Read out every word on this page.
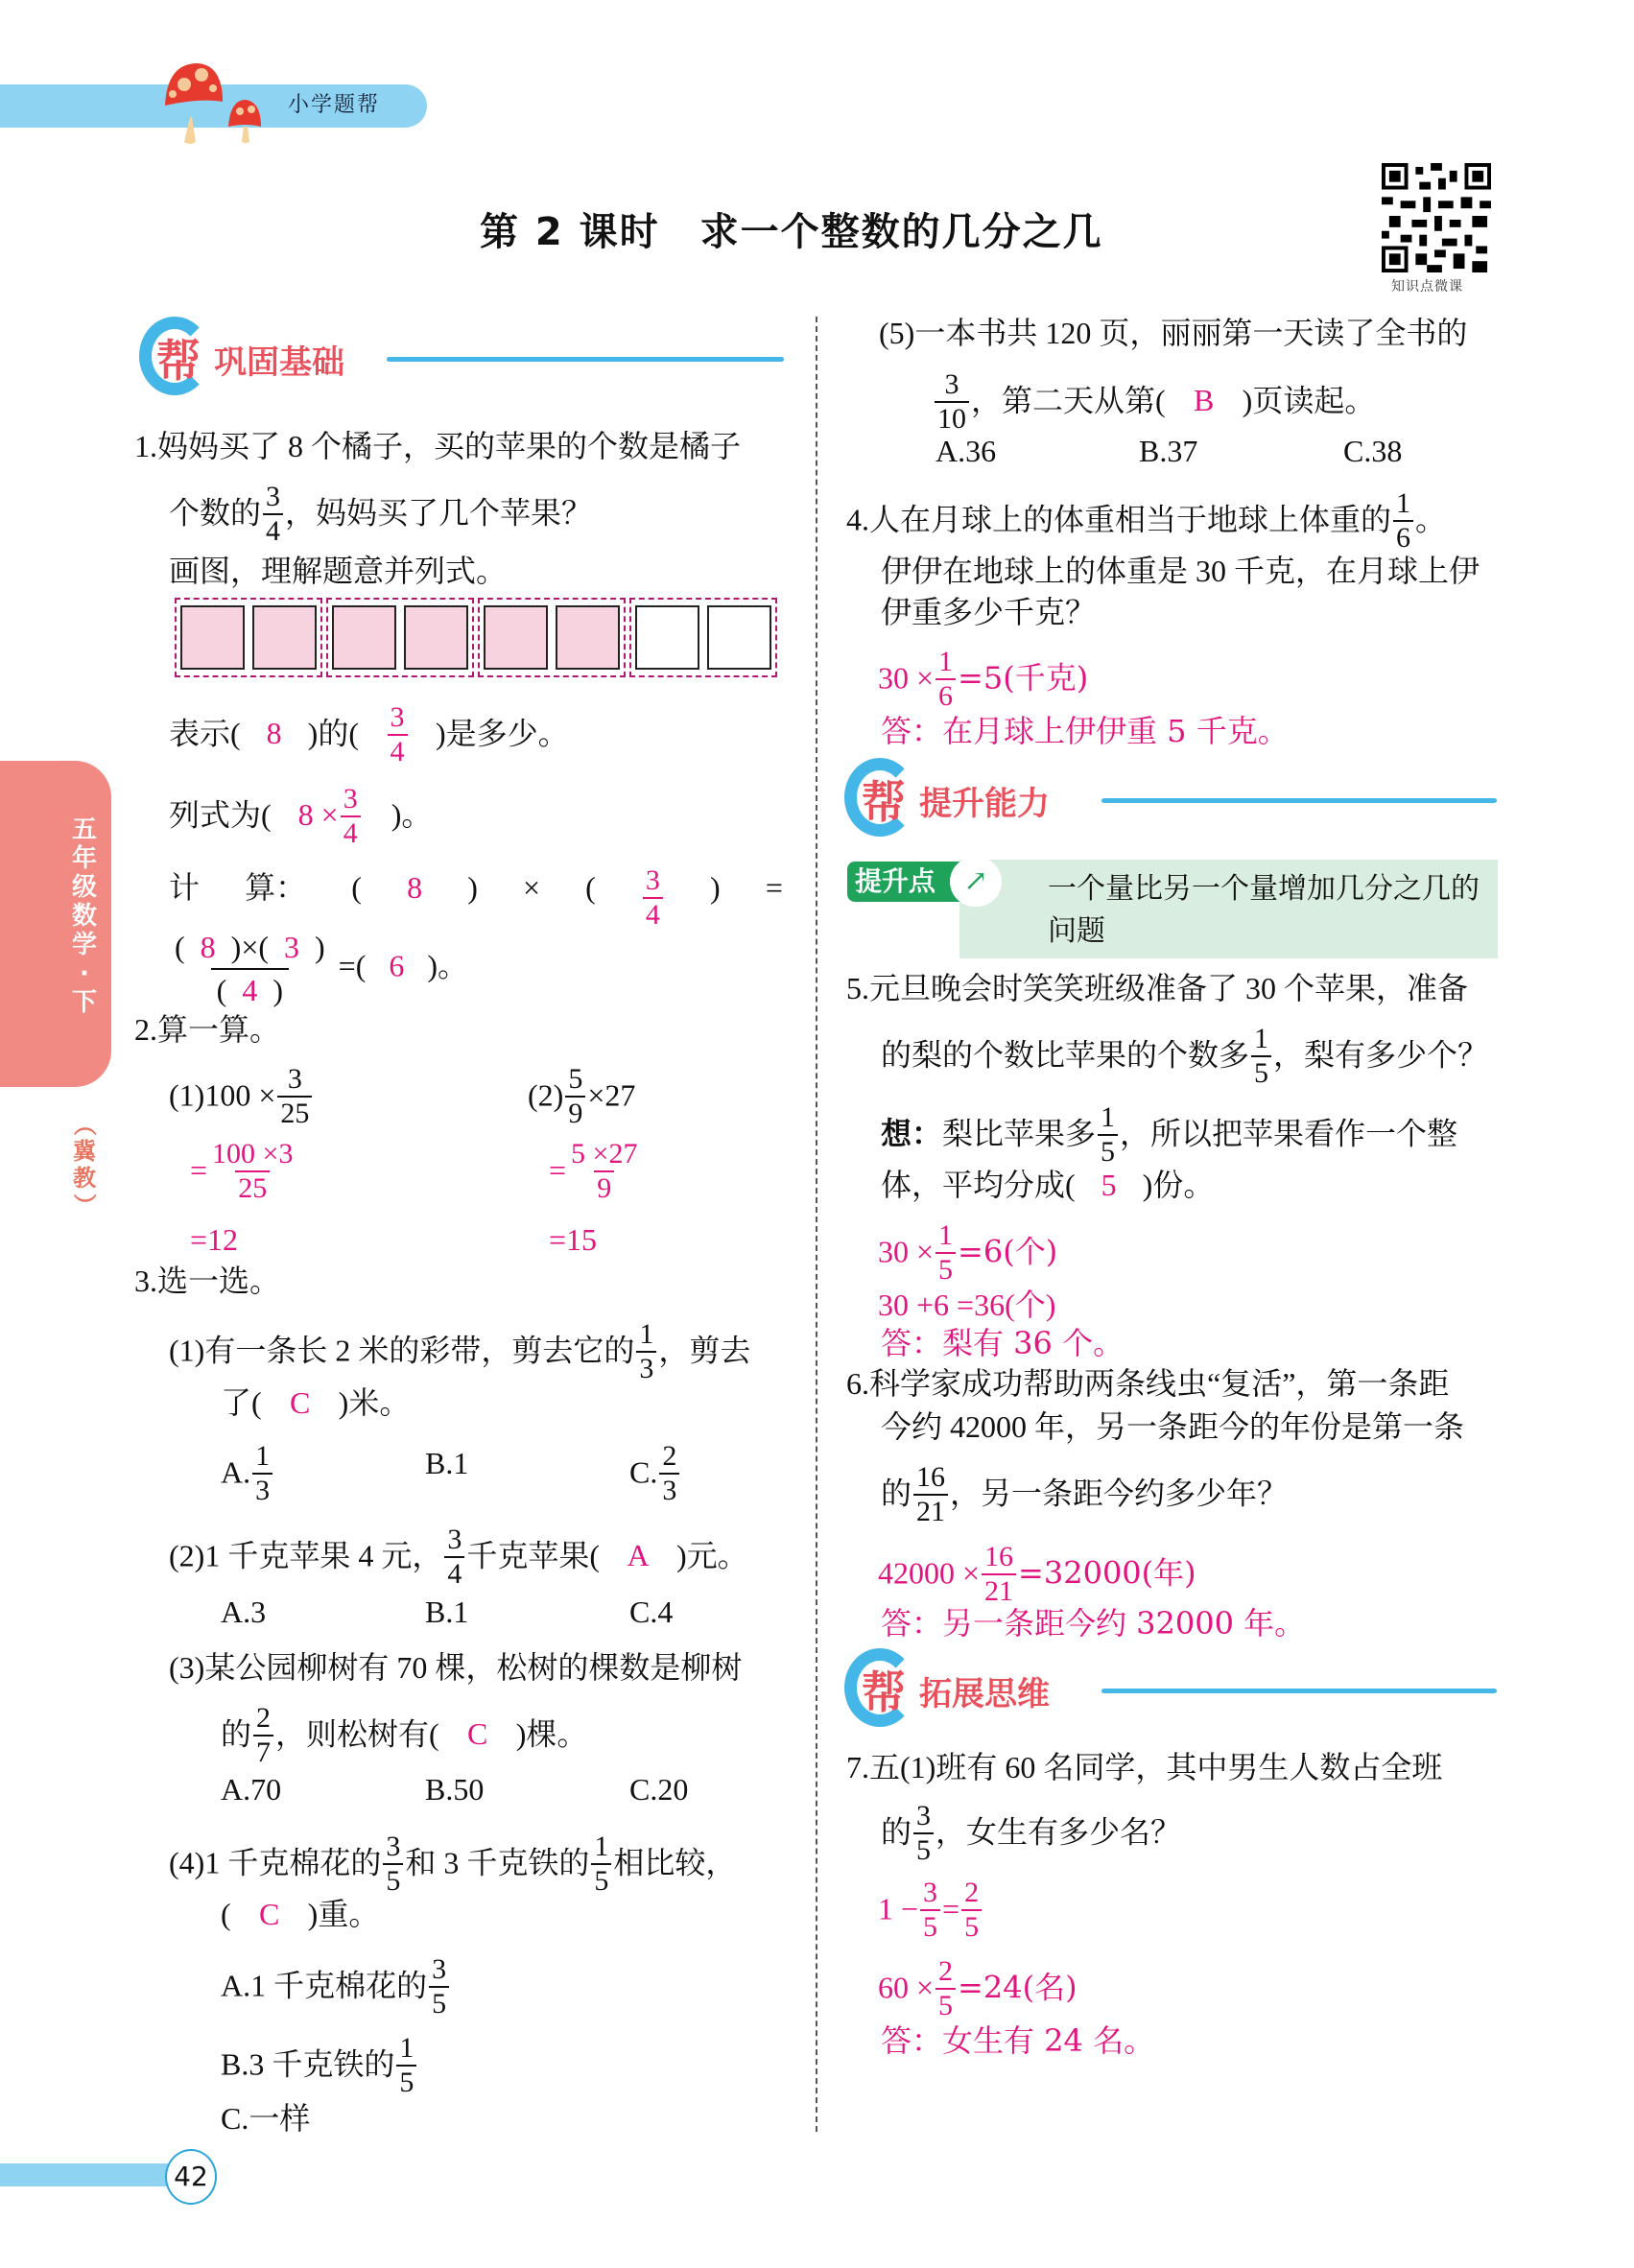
小学题帮
第 2 课时　求一个整数的几分之几
知识点微课
五
年
级
数
学
·
下
（
冀
教
）
帮 巩固基础
1.妈妈买了 8 个橘子，买的苹果的个数是橘子
个数的 $\frac{3}{4}$ ，妈妈买了几个苹果？
画图，理解题意并列式。
表示( 8 )的( $\frac{3}{4}$ )是多少。
列式为( $8 \times \frac{3}{4}$ )。
计 算： ( 8 ) × ( 3
4
) =
$\frac{( 8 )\times( 3 )}{( 4 )}$ =(   6   )。
2.算一算。
$(1)100 \times \frac{3}{25}$
= $\frac{100 \times 3}{25}$
=12
$(2) \frac{5}{9} \times 27$
= $\frac{5 \times 27}{9}$
=15
3.选一选。
(1)有一条长 2 米的彩带，剪去它的 $\frac{1}{3}$ ，剪去
了( C )米。
A. $\frac{1}{3}$	B.1	C. $\frac{2}{3}$
(2)1 千克苹果 4 元， $\frac{3}{4}$ 千克苹果( A )元。
A.3	B.1	C.4
(3)某公园柳树有 70 棵，松树的棵数是柳树
的 $\frac{2}{7}$ ，则松树有( C )棵。
A.70	B.50	C.20
(4)1 千克棉花的 $\frac{3}{5}$ 和 3 千克铁的 $\frac{1}{5}$ 相比较，
( C )重。
A.1 千克棉花的 $\frac{3}{5}$
B.3 千克铁的 $\frac{1}{5}$
C.一样
(5)一本书共 120 页，丽丽第一天读了全书的
$\frac{3}{10}$ ，第二天从第( B )页读起。
A.36	B.37	C.38
4.人在月球上的体重相当于地球上体重的 $\frac{1}{6}$ 。
伊伊在地球上的体重是 30 千克，在月球上伊
伊重多少千克？
$30 \times \frac{1}{6} =5$(千克)
答：在月球上伊伊重 5 千克。
帮 提升能力
提升点 ↗	一个量比另一个量增加几分之几的问题
5.元旦晚会时笑笑班级准备了 30 个苹果，准备
的梨的个数比苹果的个数多 $\frac{1}{5}$ ，梨有多少个？
想：梨比苹果多 $\frac{1}{5}$ ，所以把苹果看作一个整
体，平均分成( 5 )份。
$30 \times \frac{1}{5} =6$(个)
30 +6 =36(个)
答：梨有 36 个。
6.科学家成功帮助两条线虫“复活”，第一条距
今约 42000 年，另一条距今的年份是第一条
的 $\frac{16}{21}$ ，另一条距今约多少年？
$42000 \times \frac{16}{21} =32000$(年)
答：另一条距今约 32000 年。
帮 拓展思维
7.五(1)班有 60 名同学，其中男生人数占全班
的 $\frac{3}{5}$ ，女生有多少名？
$1 - \frac{3}{5} = \frac{2}{5}$
$60 \times \frac{2}{5} =24$(名)
答：女生有 24 名。
42
